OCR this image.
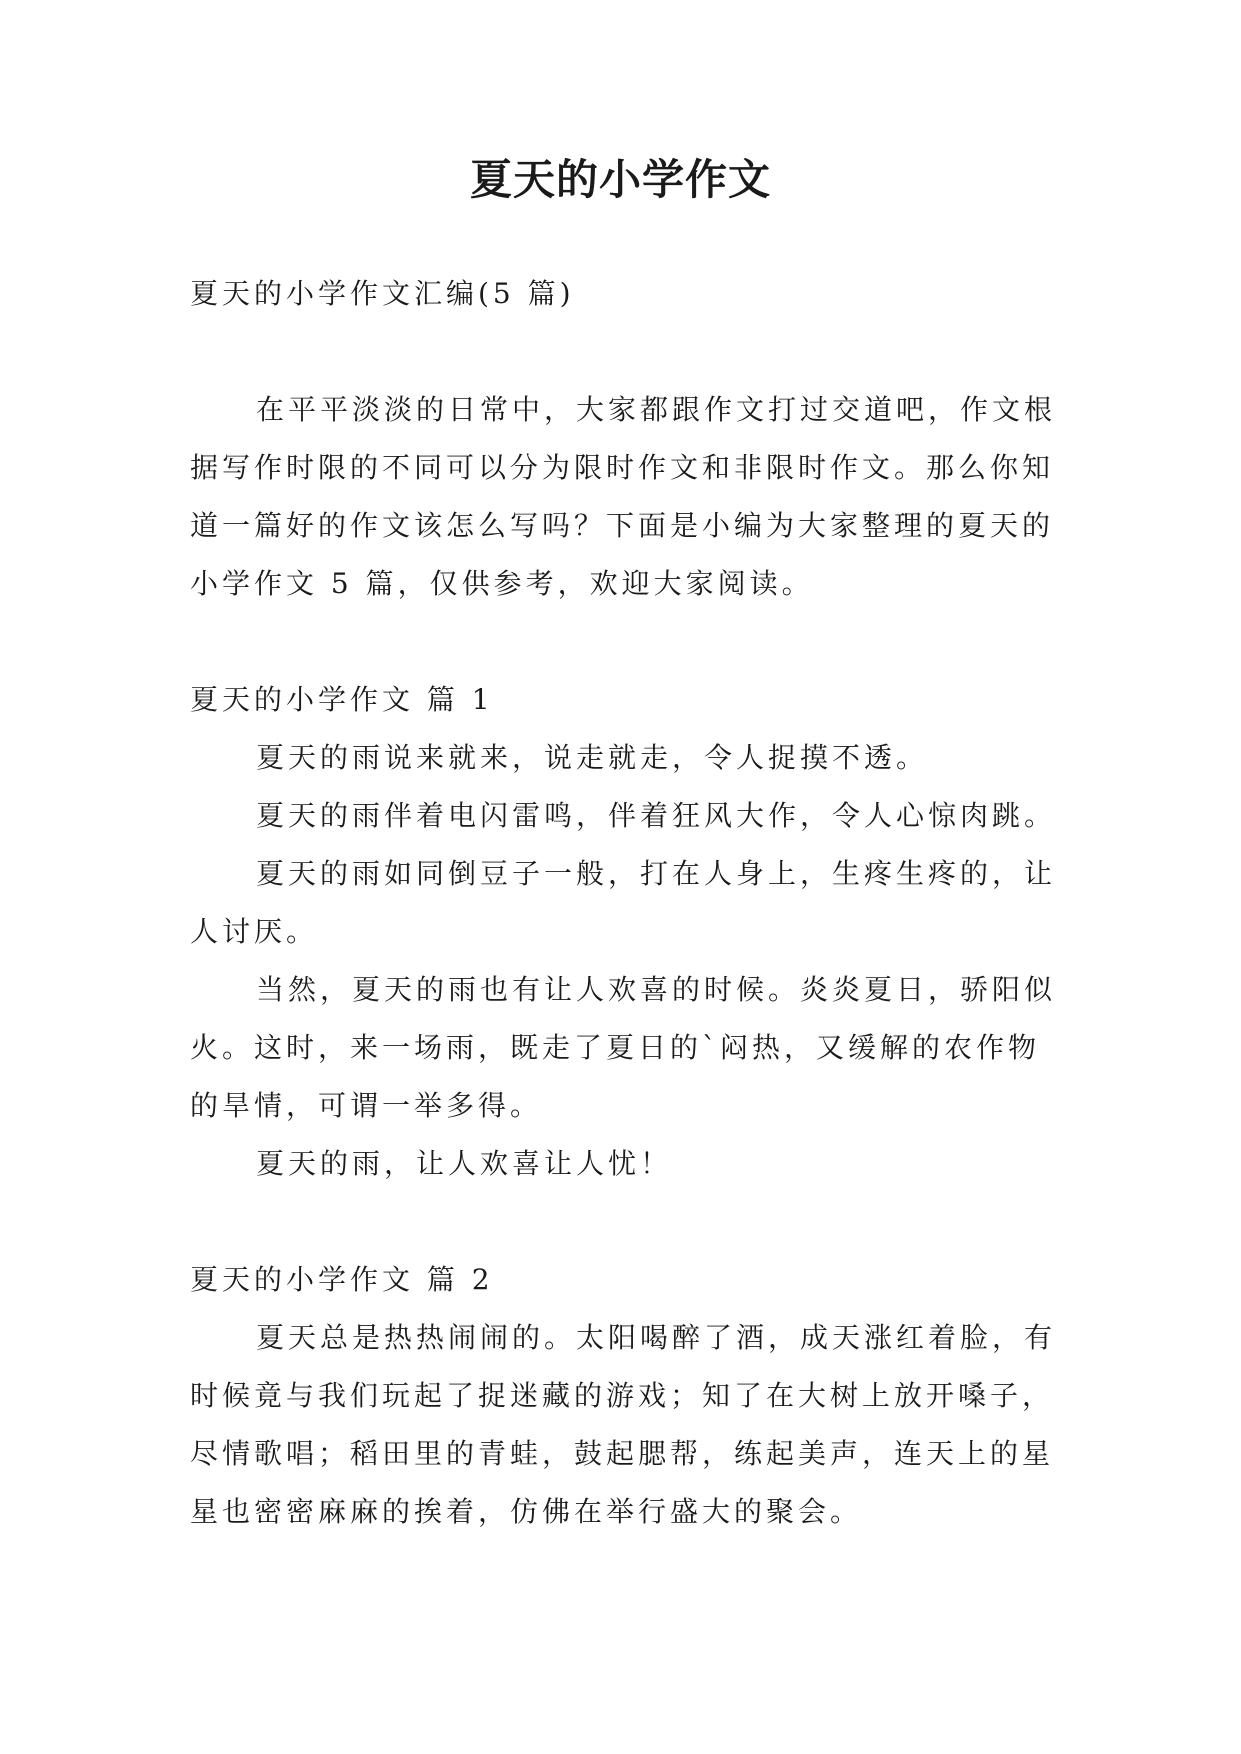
夏天的小学作文

夏天的小学作文汇编(5 篇)

在平平淡淡的日常中，大家都跟作文打过交道吧，作文根据写作时限的不同可以分为限时作文和非限时作文。那么你知道一篇好的作文该怎么写吗？下面是小编为大家整理的夏天的小学作文 5 篇，仅供参考，欢迎大家阅读。

夏天的小学作文 篇 1

夏天的雨说来就来，说走就走，令人捉摸不透。

夏天的雨伴着电闪雷鸣，伴着狂风大作，令人心惊肉跳。

夏天的雨如同倒豆子一般，打在人身上，生疼生疼的，让人讨厌。

当然，夏天的雨也有让人欢喜的时候。炎炎夏日，骄阳似火。这时，来一场雨，既走了夏日的`闷热，又缓解的农作物的旱情，可谓一举多得。

夏天的雨，让人欢喜让人忧！

夏天的小学作文 篇 2

夏天总是热热闹闹的。太阳喝醉了酒，成天涨红着脸，有时候竟与我们玩起了捉迷藏的游戏；知了在大树上放开嗓子，尽情歌唱；稻田里的青蛙，鼓起腮帮，练起美声，连天上的星星也密密麻麻的挨着，仿佛在举行盛大的聚会。
